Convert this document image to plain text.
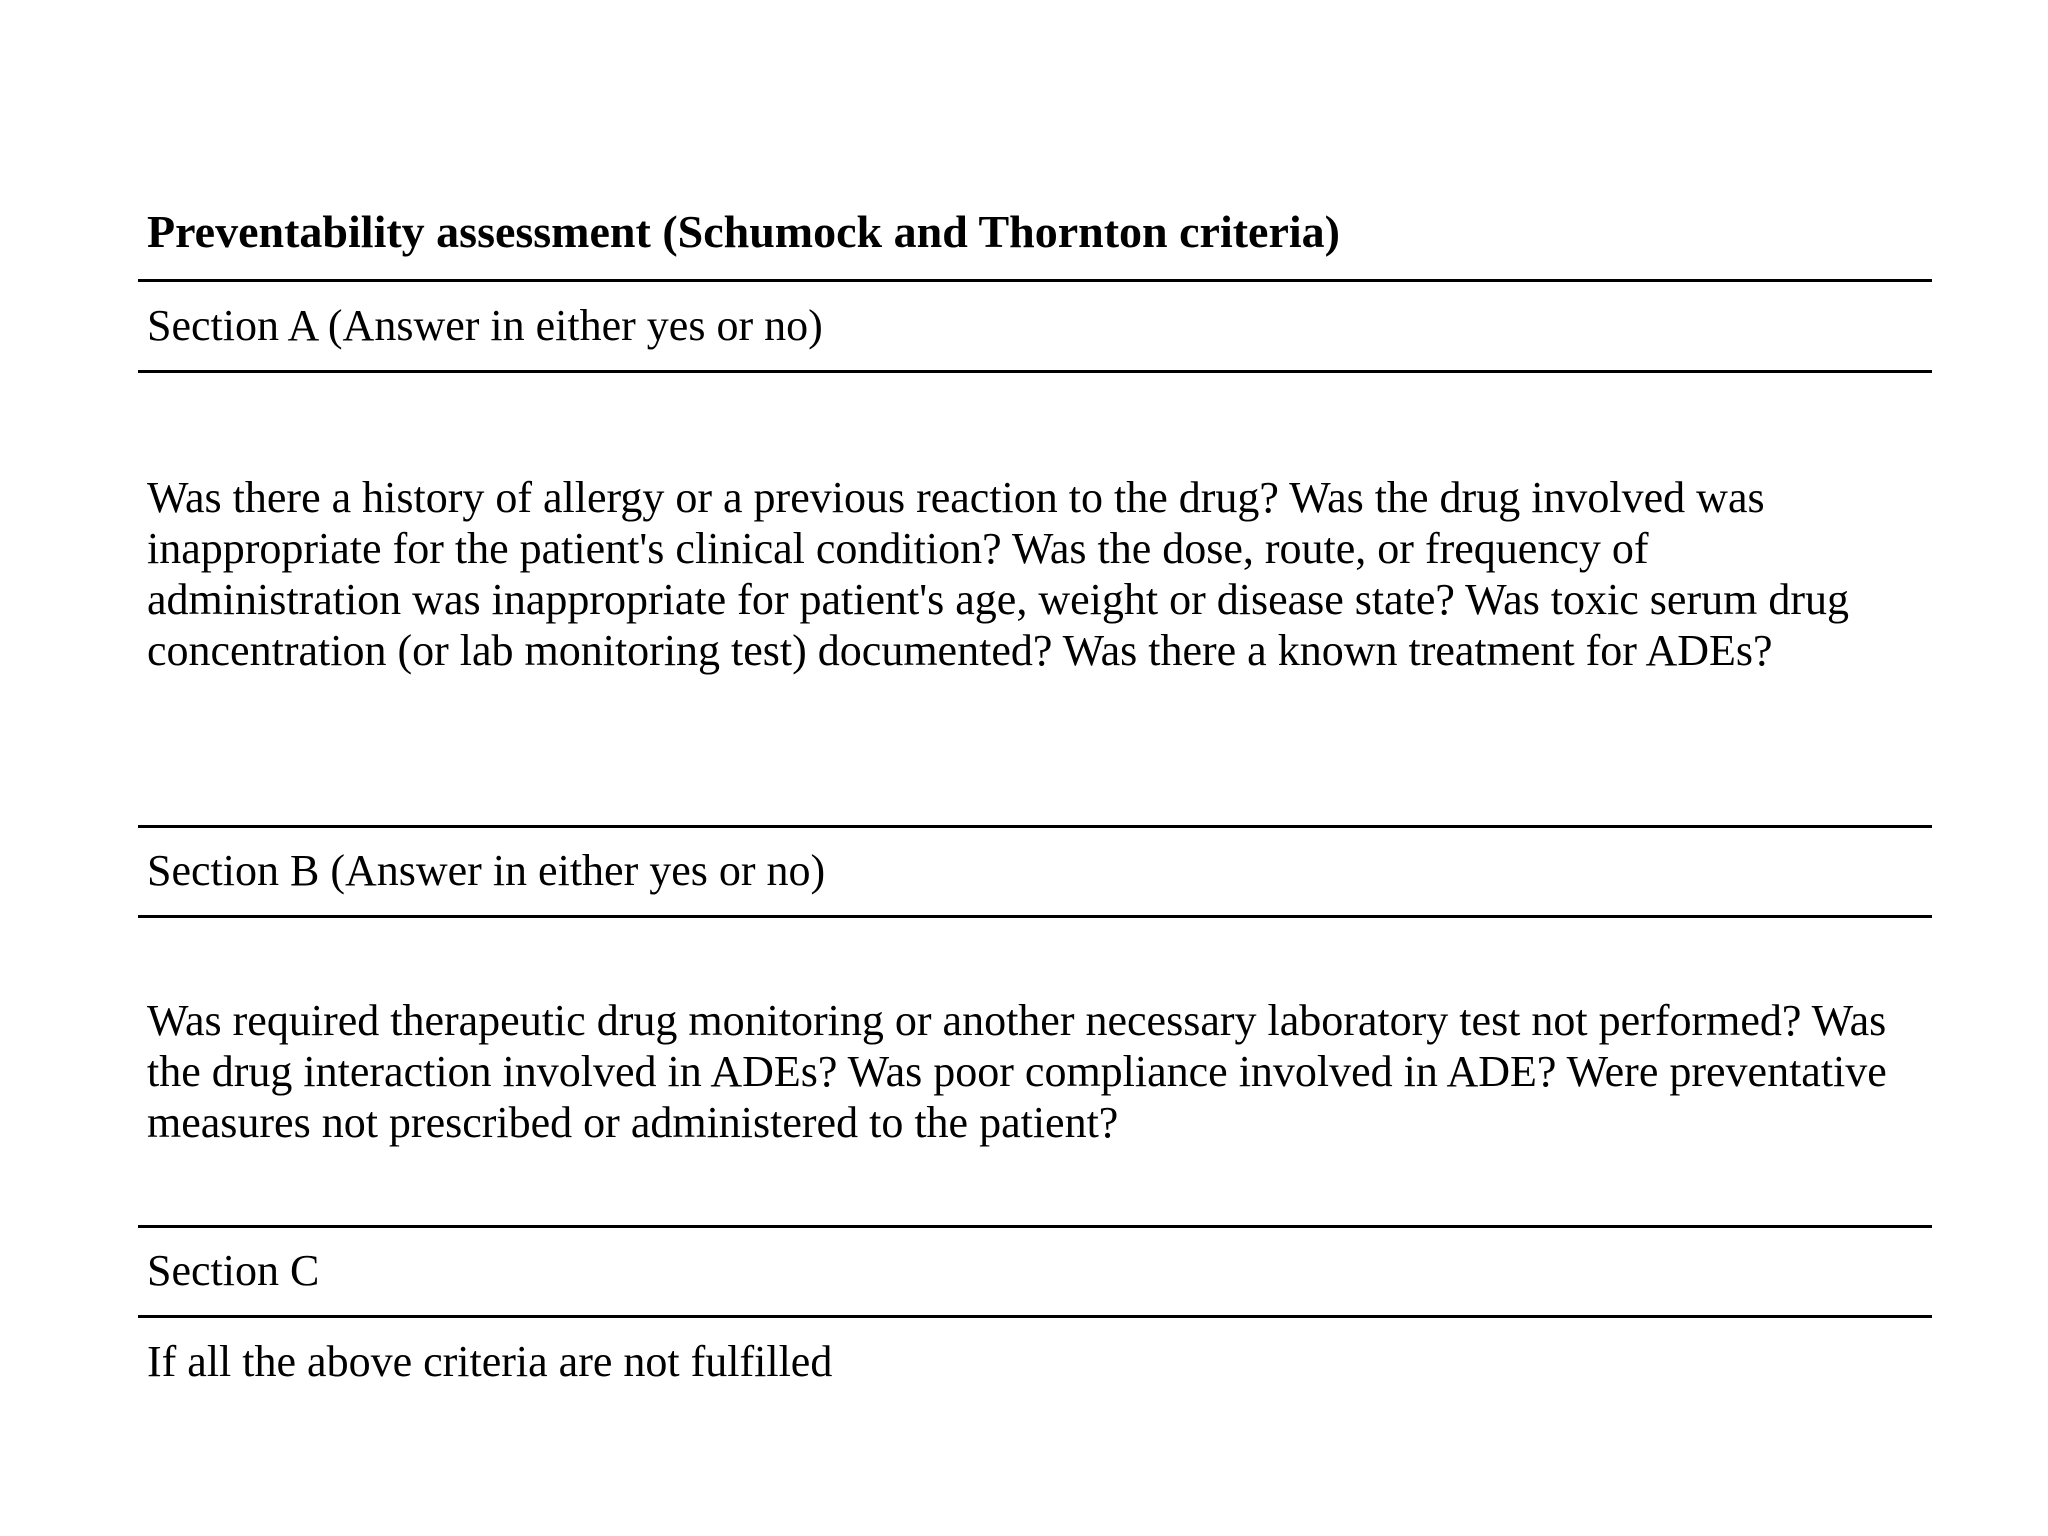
Preventability assessment (Schumock and Thornton criteria)
Section A (Answer in either yes or no)
Was there a history of allergy or a previous reaction to the drug? Was the drug involved was inappropriate for the patient's clinical condition? Was the dose, route, or frequency of administration was inappropriate for patient's age, weight or disease state? Was toxic serum drug concentration (or lab monitoring test) documented? Was there a known treatment for ADEs?
Section B (Answer in either yes or no)
Was required therapeutic drug monitoring or another necessary laboratory test not performed? Was the drug interaction involved in ADEs? Was poor compliance involved in ADE? Were preventative measures not prescribed or administered to the patient?
Section C
If all the above criteria are not fulfilled
